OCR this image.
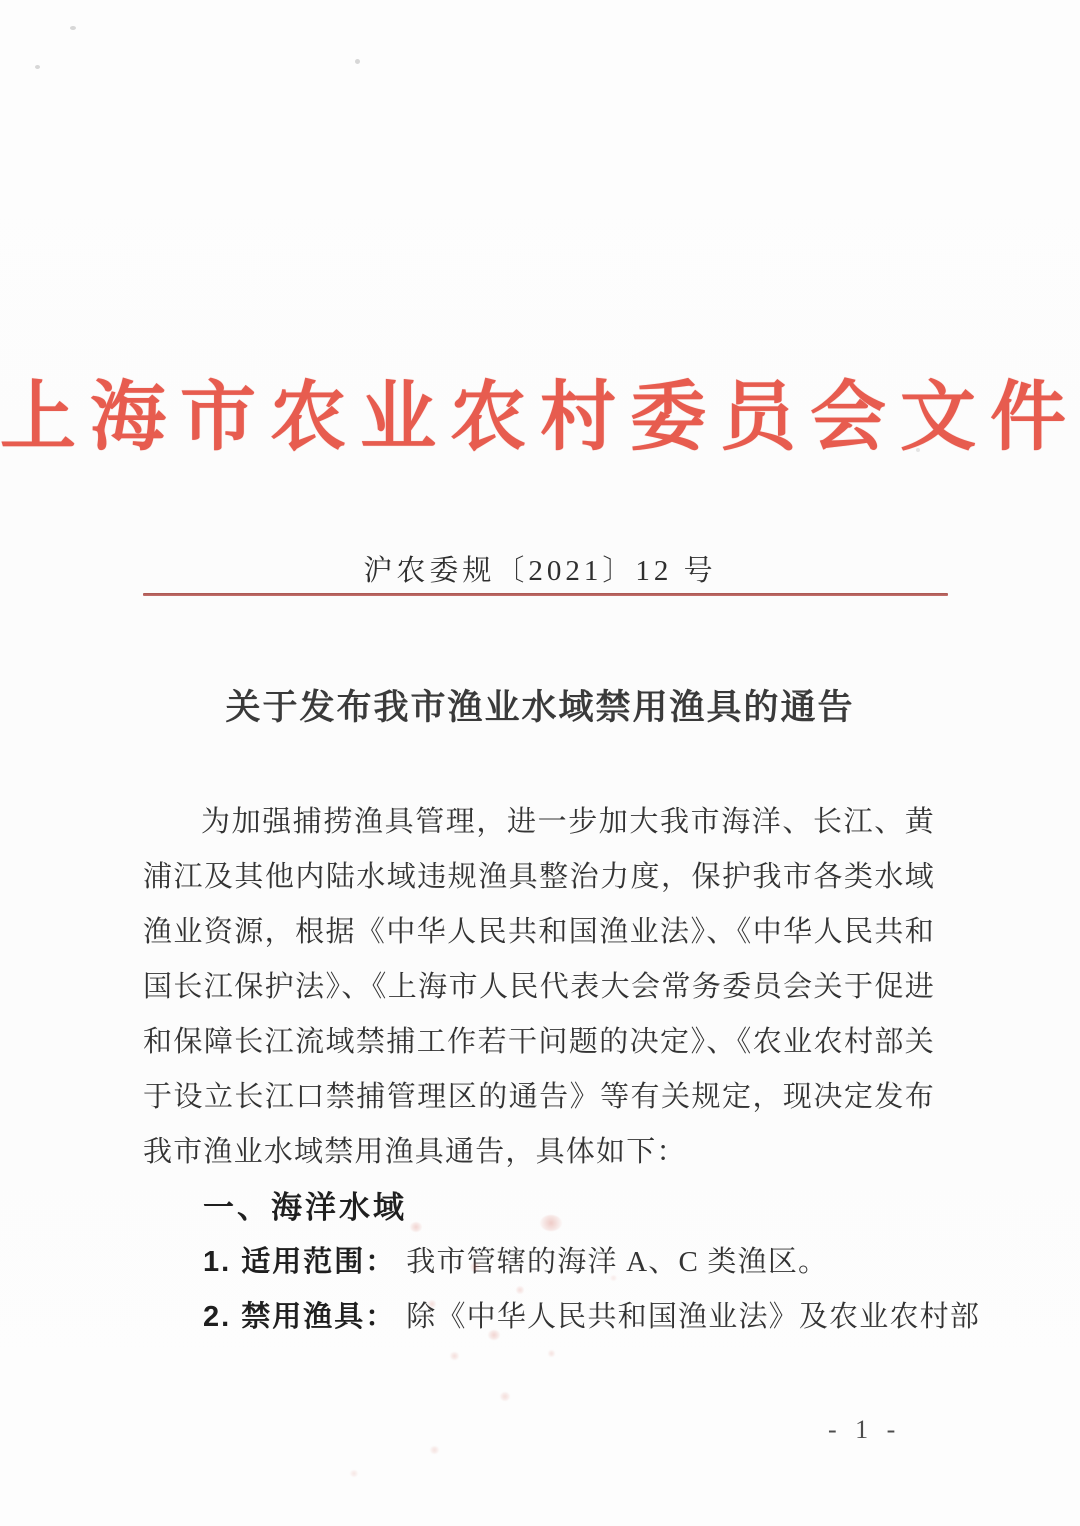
上海市农业农村委员会文件
沪农委规〔2021〕12 号
关于发布我市渔业水域禁用渔具的通告
为加强捕捞渔具管理，进一步加大我市海洋、长江、黄浦江及其他内陆水域违规渔具整治力度，保护我市各类水域渔业资源，根据《中华人民共和国渔业法》、《中华人民共和国长江保护法》、《上海市人民代表大会常务委员会关于促进和保障长江流域禁捕工作若干问题的决定》、《农业农村部关于设立长江口禁捕管理区的通告》等有关规定，现决定发布我市渔业水域禁用渔具通告，具体如下：
一、海洋水域
1. 适用范围： 我市管辖的海洋 A、C 类渔区。
2. 禁用渔具： 除《中华人民共和国渔业法》及农业农村部
- 1 -
